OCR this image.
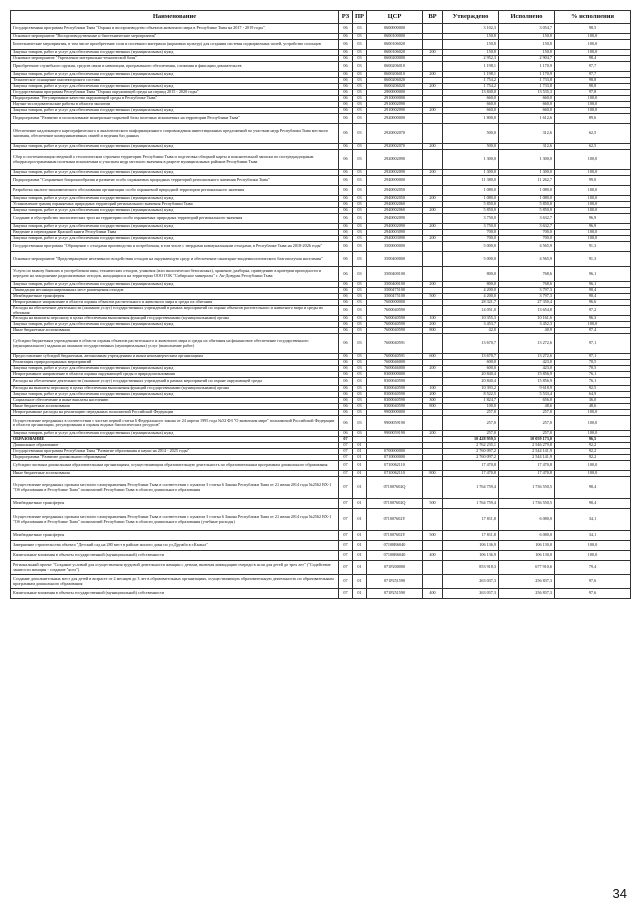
Наименование	РЗ	ПР	ЦСР	ВР	Утверждено	Исполнено	% исполнения
Государственная программа Республики Тыва "Охрана и воспроизводство объектов животного мира в Республике Тыва на 2017 - 2019 годы"	06	03	0600000000		3 102,3	3 054,7	98,5
Основное мероприятие "Воспроизводственные и биотехнические мероприятия"	06	03	0600100000		150,0	150,0	100,0
Биотехнические мероприятия, в том числе приобретение соли и посевного материала (кормовых культур) для создания системы подкормочных полей, устройство солонцов	06	03	0600106020		150,0	150,0	100,0
Закупка товаров, работ и услуг для обеспечения государственных (муниципальных) нужд	06	03	0600106020	200	150,0	150,0	100,0
Основное мероприятие "Укрепление материально-технической базы"	06	03	0600200000		2 952,3	2 904,7	98,4
Приобретение служебного оружия, средств связи и навигации, программного обеспечения, слежения и фиксации доказательств	06	03	0600206010		1 198,1	1 170,9	97,7
Закупка товаров, работ и услуг для обеспечения государственных (муниципальных) нужд	06	03	0600206010	200	1 198,1	1 170,9	97,7
Техническое оснащение инспекторского состава	06	03	0600206020		1 754,2	1 733,8	98,8
Закупка товаров, работ и услуг для обеспечения государственных (муниципальных) нужд	06	03	0600206020	200	1 754,2	1 733,8	98,8
Государственная программа Республики Тыва "Охрана окружающей среды на период 2015 - 2020 годы"	06	03	2900000000		13 840,0	13 535,3	97,8
Подпрограмма "Регулирование качества окружающей среды в Республике Тыва"	06	03	2910000000		660,0	660,0	100,0
Научно-исследовательские работы в области экологии	06	03	2910002090		660,0	660,0	100,0
Закупка товаров, работ и услуг для обеспечения государственных (муниципальных) нужд	06	03	2910002090	200	660,0	660,0	100,0
Подпрограмма "Развитие и использование минерально-сырьевой базы полезных ископаемых на территории Республики Тыва"	06	03	2920000000		1 800,0	1 612,6	89,6
Обеспечение надлежащего картографического и аналитического информационного сопровождения инвестиционных предложений по участкам недр Республики Тыва местного значения, обеспечение коммуникативных связей и ведения баз данных	06	03	2920002070		500,0	312,6	62,5
Закупка товаров, работ и услуг для обеспечения государственных (муниципальных) нужд	06	03	2920002070	200	500,0	312,6	62,5
Сбор и систематизация сведений о геологическом строении территории Республики Тыва и подготовка обзорной карты и пояснительной записки по постреднадзорным общераспространенным полезным ископаемым и участкам недр местного значения в разрезе муниципальных районов Республики Тыва	06	03	2920002090		1 300,0	1 300,0	100,0
Закупка товаров, работ и услуг для обеспечения государственных (муниципальных) нужд	06	03	2920002090	200	1 300,0	1 300,0	100,0
Подпрограмма "Сохранение биоразнообразия и развитие особо охраняемых природных территорий регионального значения Республики Тыва"	06	03	2940000000		11 380,0	11 262,7	99,0
Разработка эколого-экономического обоснования организации особо охраняемой природной территории регионального значения	06	03	2940002050		1 080,0	1 080,0	100,0
Закупка товаров, работ и услуг для обеспечения государственных (муниципальных) нужд	06	03	2940002050	200	1 080,0	1 080,0	100,0
Установление границ охраняемых природных территорий регионального значения Республики Тыва	06	03	2940002060		5 850,0	5 850,0	100,0
Закупка товаров, работ и услуг для обеспечения государственных (муниципальных) нужд	06	03	2940002060	200	5 850,0	5 850,0	100,0
Создание и обустройство экологических троп на территории особо охраняемых природных территорий регионального значения	06	03	2940002090		3 750,0	3 632,7	96,9
Закупка товаров, работ и услуг для обеспечения государственных (муниципальных) нужд	06	03	2940002090	200	3 750,0	3 632,7	96,9
Введение и переиздание Красной книги Республики Тыва	06	03	2940003090		700,0	700,0	100,0
Закупка товаров, работ и услуг для обеспечения государственных (муниципальных) нужд	06	03	2940003090	200	700,0	700,0	100,0
Государственная программа "Обращение с отходами производства и потребления, в том числе с твердыми коммунальными отходами, в Республике Тыва на 2018-2026 годы"	06	03	3500000000		5 000,0	4 565,9	91,3
Основное мероприятие "Предотвращение негативного воздействия отходов на окружающую среду и обеспечение санитарно-эпидемиологического благополучия населения"	06	03	3500400000		5 000,0	4 565,9	91,3
Услуги по вывозу бывших в употреблении шин, технических отходов, упаковок (или экологически безопасных), хранение, разборка, приведению в критерии пригодности и передаче на захоронение радиоактивных отходов, находящихся на территории ООО ГОК "Сибирское минералы" г. Ак-Довурак Республики Тыва	06	03	3500400100		800,0	768,6	96,1
Закупка товаров, работ и услуг для обеспечения государственных (муниципальных) нужд	06	03	3500400100	200	800,0	768,6	96,1
Ликвидация несанкционированных мест размещения отходов	06	03	3500475100		4 200,0	3 797,3	90,4
Межбюджетные трансферты	06	03	3500475100	500	4 200,0	3 797,3	90,4
Непрограммное направление в области охраны объектов растительного и животного мира и среды их обитания	06	03	7600000000		28 321,7	27 350,4	96,6
Расходы на обеспечение деятельности (оказание услуг) государственных учреждений в рамках мероприятий по охране объектов растительного и животного мира и среды их обитания	06	03	7600040590		14 051,0	13 654,8	97,2
Расходы на выплаты персоналу в целях обеспечения выполнения функций государственными (муниципальными) органа	06	03	7600040590	100	10 355,3	10 161,6	96,3
Закупка товаров, работ и услуг для обеспечения государственных (муниципальных) нужд	06	03	7600040590	200	3 453,7	3 452,3	100,0
Иные бюджетные ассигнования	06	03	7600040590	800	42,0	40,9	97,4
Субсидии бюджетным учреждениям в области охраны объектов растительного и животного мира и среды их обитания на финансовое обеспечение государственного (муниципального) задания на оказание государственных (муниципальных) услуг (выполнение работ)	06	03	7600040591		13 670,7	13 272,6	97,1
Предоставление субсидий бюджетным, автономным учреждениям и иным некоммерческим организациям	06	03	7600040591	600	13 670,7	13 272,6	97,1
Реализация природоохранных мероприятий	06	03	7600046000		600,0	423,0	70,5
Закупка товаров, работ и услуг для обеспечения государственных (муниципальных) нужд	06	03	7600046000	200	600,0	423,0	70,5
Непрограммное направление в области охраны окружающей среды и природопользования	06	03	8300000000		20 840,4	15 856,9	76,1
Расходы на обеспечение деятельности (оказание услуг) государственных учреждений в рамках мероприятий по охране окружающей среды	06	03	8300040590		20 840,4	15 856,9	76,1
Расходы на выплаты персоналу в целях обеспечения выполнения функций государственными (муниципальными) органа	06	03	8300040590	100	10 393,2	9 618,9	92,5
Закупка товаров, работ и услуг для обеспечения государственных (муниципальных) нужд	06	03	8300040590	200	8 522,5	5 533,4	64,9
Социальное обеспечение и иные выплаты населению	06	03	8300040590	300	1 824,7	656,0	36,0
Иные бюджетные ассигнования	06	03	8300040590	800	100,0	48,6	48,6
Непрограммные расходы на реализацию переданных полномочий Российской Федерации	06	03	9900000000		257,0	257,0	100,0
Осуществление переданных в соответствии с частью первой статьи 6 Федерального закона от 24 апреля 1995 года №52 ФЗ "О животном мире" полномочий Российской Федерации в области организации, регулирования и охраны водных биологических ресурсов"	06	03	9900059190		257,0	257,0	100,0
Закупка товаров, работ и услуг для обеспечения государственных (муниципальных) нужд	06	03	9900059190	200	257,0	257,0	100,0
ОБРАЗОВАНИЕ	07				10 428 959,5	10 059 173,0	96,5
Дошкольное образование	07	01			2 762 235,1	2 546 279,8	92,2
Государственная программа Республики Тыва "Развитие образования и науки на 2014 - 2025 годы"	07	01	0700000000		2 760 097,2	2 544 141,9	92,2
Подпрограмма "Развитие дошкольного образования"	07	01	0710000000		2 760 097,2	2 544 141,9	92,2
Субсидии частным дошкольным образовательным организациям, осуществляющим образовательную деятельность по образовательным программам дошкольного образования	07	01	0710062110		17 470,8	17 470,8	100,0
Иные бюджетные ассигнования	07	01	0710062110	800	17 470,8	17 470,8	100,0
Осуществление переданных органам местного самоуправления Республики Тыва в соответствии с пунктом 3 статьи 6 Закона Республики Тыва от 21 июня 2014 года №2562 ВХ-1 "Об образовании в Республике Тыва" полномочий Республики Тыва в области дошкольного образования	07	01	071007602Q		1 764 759,4	1 736 550,5	98,4
Межбюджетные трансферты	07	01	071007602Q	500	1 764 759,4	1 736 550,5	98,4
Осуществление переданных органам местного самоуправления Республики Тыва в соответствии с пунктом 3 статьи 6 Закона Республики Тыва от 21 июня 2014 года №2562 ВХ-1 "Об образовании в Республике Тыва" полномочий Республики Тыва в области дошкольного образования (учебные расходы)	07	01	071007602Y		17 811,8	6 080,0	34,1
Межбюджетные трансферты	07	01	071007602Y	500	17 811,8	6 080,0	34,1
Завершение строительства объекта "Детский сад на 280 мест в районе жилого дома по ул.Дружба в г.Кызыл"	07	01	07100R6040		106 136,9	106 130,0	100,0
Капитальные вложения в объекты государственной (муниципальной) собственности	07	01	07100R6040	400	106 136,9	106 130,0	100,0
Региональный проект "Создание условий для осуществления трудовой деятельности женщин с детьми, включая ликвидацию очереди в ясли для детей до трех лет" ("Содействие занятости женщин - создание "ясел")	07	01	071P200000		853 918,3	677 910,6	79,4
Создание дополнительных мест для детей в возрасте от 2 месяцев до 3 лет в образовательных организациях, осуществляющих образовательную деятельность по образовательным программам дошкольного образования	07	01	071P251590		263 037,3	256 837,3	97,6
Капитальные вложения в объекты государственной (муниципальной) собственности	07	01	071P251590	400	263 037,3	256 837,3	97,6
34
